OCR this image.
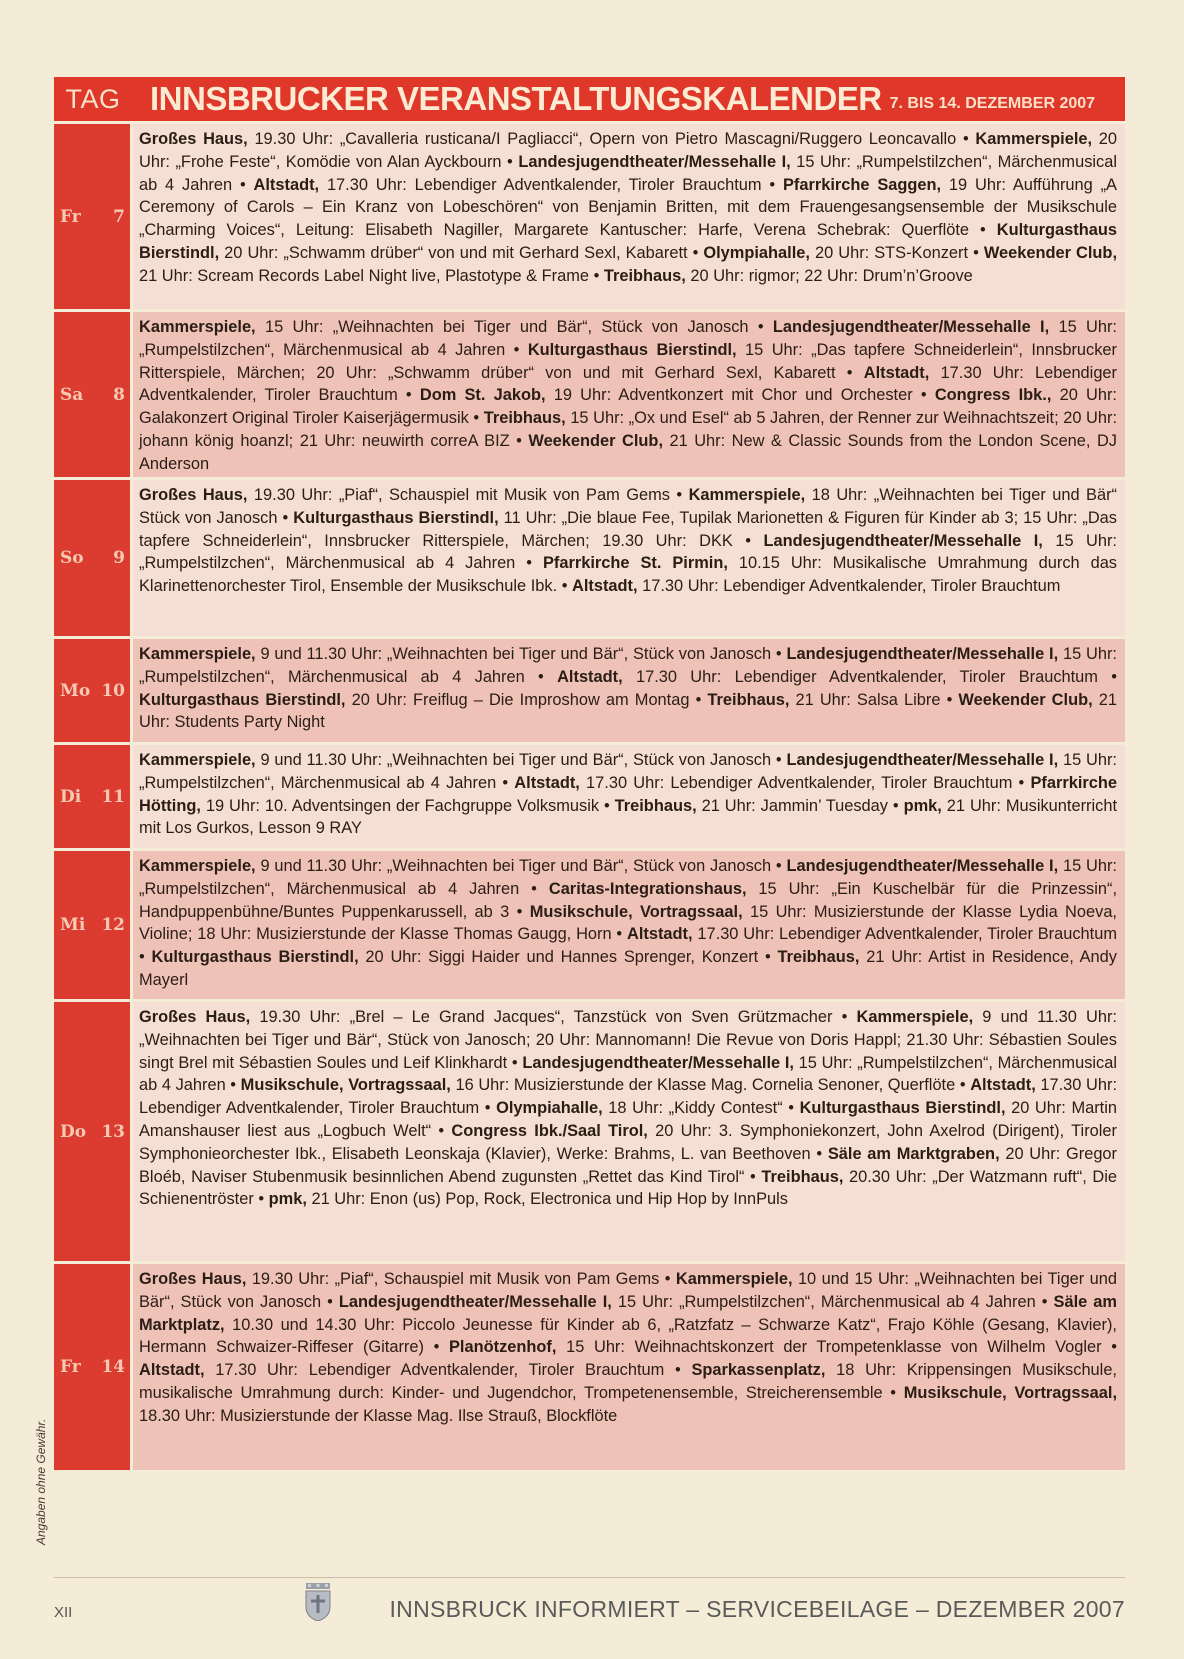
TAG INNSBRUCKER VERANSTALTUNGSKALENDER 7. BIS 14. DEZEMBER 2007
Fr 7
Großes Haus, 19.30 Uhr: „Cavalleria rusticana/I Pagliacci“, Opern von Pietro Mascagni/Ruggero Leoncavallo • Kammerspiele, 20 Uhr: „Frohe Feste“, Komödie von Alan Ayckbourn • Landesjugendtheater/Messehalle I, 15 Uhr: „Rumpelstilzchen“, Märchenmusical ab 4 Jahren • Altstadt, 17.30 Uhr: Lebendiger Adventkalender, Tiroler Brauchtum • Pfarrkirche Saggen, 19 Uhr: Aufführung „A Ceremony of Carols – Ein Kranz von Lobeschören“ von Benjamin Britten, mit dem Frauengesangsensemble der Musikschule „Charming Voices“, Leitung: Elisabeth Nagiller, Margarete Kantuscher: Harfe, Verena Schebrak: Querflöte • Kulturgasthaus Bierstindl, 20 Uhr: „Schwamm drüber“ von und mit Gerhard Sexl, Kabarett • Olympiahalle, 20 Uhr: STS-Konzert • Weekender Club, 21 Uhr: Scream Records Label Night live, Plastotype & Frame • Treibhaus, 20 Uhr: rigmor; 22 Uhr: Drum’n’Groove
Sa 8
Kammerspiele, 15 Uhr: „Weihnachten bei Tiger und Bär“, Stück von Janosch • Landesjugendtheater/Messehalle I, 15 Uhr: „Rumpelstilzchen“, Märchenmusical ab 4 Jahren • Kulturgasthaus Bierstindl, 15 Uhr: „Das tapfere Schneiderlein“, Innsbrucker Ritterspiele, Märchen; 20 Uhr: „Schwamm drüber“ von und mit Gerhard Sexl, Kabarett • Altstadt, 17.30 Uhr: Lebendiger Adventkalender, Tiroler Brauchtum • Dom St. Jakob, 19 Uhr: Adventkonzert mit Chor und Orchester • Congress Ibk., 20 Uhr: Galakonzert Original Tiroler Kaiserjägermusik • Treibhaus, 15 Uhr: „Ox und Esel“ ab 5 Jahren, der Renner zur Weihnachtszeit; 20 Uhr: johann könig hoanzl; 21 Uhr: neuwirth correA BIZ • Weekender Club, 21 Uhr: New & Classic Sounds from the London Scene, DJ Anderson
So 9
Großes Haus, 19.30 Uhr: „Piaf“, Schauspiel mit Musik von Pam Gems • Kammerspiele, 18 Uhr: „Weihnachten bei Tiger und Bär“ Stück von Janosch • Kulturgasthaus Bierstindl, 11 Uhr: „Die blaue Fee, Tupilak Marionetten & Figuren für Kinder ab 3; 15 Uhr: „Das tapfere Schneiderlein“, Innsbrucker Ritterspiele, Märchen; 19.30 Uhr: DKK • Landesjugendtheater/Messehalle I, 15 Uhr: „Rumpelstilzchen“, Märchenmusical ab 4 Jahren • Pfarrkirche St. Pirmin, 10.15 Uhr: Musikalische Umrahmung durch das Klarinettenorchester Tirol, Ensemble der Musikschule Ibk. • Altstadt, 17.30 Uhr: Lebendiger Adventkalender, Tiroler Brauchtum
Mo 10
Kammerspiele, 9 und 11.30 Uhr: „Weihnachten bei Tiger und Bär“, Stück von Janosch • Landesjugendtheater/Messehalle I, 15 Uhr: „Rumpelstilzchen“, Märchenmusical ab 4 Jahren • Altstadt, 17.30 Uhr: Lebendiger Adventkalender, Tiroler Brauchtum • Kulturgasthaus Bierstindl, 20 Uhr: Freiflug – Die Improshow am Montag • Treibhaus, 21 Uhr: Salsa Libre • Weekender Club, 21 Uhr: Students Party Night
Di 11
Kammerspiele, 9 und 11.30 Uhr: „Weihnachten bei Tiger und Bär“, Stück von Janosch • Landesjugendtheater/Messehalle I, 15 Uhr: „Rumpelstilzchen“, Märchenmusical ab 4 Jahren • Altstadt, 17.30 Uhr: Lebendiger Adventkalender, Tiroler Brauchtum • Pfarrkirche Hötting, 19 Uhr: 10. Adventsingen der Fachgruppe Volksmusik • Treibhaus, 21 Uhr: Jammin’ Tuesday • pmk, 21 Uhr: Musikunterricht mit Los Gurkos, Lesson 9 RAY
Mi 12
Kammerspiele, 9 und 11.30 Uhr: „Weihnachten bei Tiger und Bär“, Stück von Janosch • Landesjugendtheater/Messehalle I, 15 Uhr: „Rumpelstilzchen“, Märchenmusical ab 4 Jahren • Caritas-Integrationshaus, 15 Uhr: „Ein Kuschelbär für die Prinzessin“, Handpuppenbühne/Buntes Puppenkarussell, ab 3 • Musikschule, Vortragssaal, 15 Uhr: Musizierstunde der Klasse Lydia Noeva, Violine; 18 Uhr: Musizierstunde der Klasse Thomas Gaugg, Horn • Altstadt, 17.30 Uhr: Lebendiger Adventkalender, Tiroler Brauchtum • Kulturgasthaus Bierstindl, 20 Uhr: Siggi Haider und Hannes Sprenger, Konzert • Treibhaus, 21 Uhr: Artist in Residence, Andy Mayerl
Do 13
Großes Haus, 19.30 Uhr: „Brel – Le Grand Jacques“, Tanzstück von Sven Grützmacher • Kammerspiele, 9 und 11.30 Uhr: „Weihnachten bei Tiger und Bär“, Stück von Janosch; 20 Uhr: Mannomann! Die Revue von Doris Happl; 21.30 Uhr: Sébastien Soules singt Brel mit Sébastien Soules und Leif Klinkhardt • Landesjugendtheater/Messehalle I, 15 Uhr: „Rumpelstilzchen“, Märchenmusical ab 4 Jahren • Musikschule, Vortragssaal, 16 Uhr: Musizierstunde der Klasse Mag. Cornelia Senoner, Querflöte • Altstadt, 17.30 Uhr: Lebendiger Adventkalender, Tiroler Brauchtum • Olympiahalle, 18 Uhr: „Kiddy Contest“ • Kulturgasthaus Bierstindl, 20 Uhr: Martin Amanshauser liest aus „Logbuch Welt“ • Congress Ibk./Saal Tirol, 20 Uhr: 3. Symphoniekonzert, John Axelrod (Dirigent), Tiroler Symphonieorchester Ibk., Elisabeth Leonskaja (Klavier), Werke: Brahms, L. van Beethoven • Säle am Marktgraben, 20 Uhr: Gregor Bloéb, Naviser Stubenmusik besinnlichen Abend zugunsten „Rettet das Kind Tirol“ • Treibhaus, 20.30 Uhr: „Der Watzmann ruft“, Die Schienentröster • pmk, 21 Uhr: Enon (us) Pop, Rock, Electronica und Hip Hop by InnPuls
Fr 14
Großes Haus, 19.30 Uhr: „Piaf“, Schauspiel mit Musik von Pam Gems • Kammerspiele, 10 und 15 Uhr: „Weihnachten bei Tiger und Bär“, Stück von Janosch • Landesjugendtheater/Messehalle I, 15 Uhr: „Rumpelstilzchen“, Märchenmusical ab 4 Jahren • Säle am Marktplatz, 10.30 und 14.30 Uhr: Piccolo Jeunesse für Kinder ab 6, „Ratzfatz – Schwarze Katz“, Frajo Köhle (Gesang, Klavier), Hermann Schwaizer-Riffeser (Gitarre) • Planötzenhof, 15 Uhr: Weihnachtskonzert der Trompetenklasse von Wilhelm Vogler • Altstadt, 17.30 Uhr: Lebendiger Adventkalender, Tiroler Brauchtum • Sparkassenplatz, 18 Uhr: Krippensingen Musikschule, musikalische Umrahmung durch: Kinder- und Jugendchor, Trompetenensemble, Streicherensemble • Musikschule, Vortragssaal, 18.30 Uhr: Musizierstunde der Klasse Mag. Ilse Strauß, Blockflöte
Angaben ohne Gewähr.
XII	INNSBRUCK INFORMIERT – SERVICEBEILAGE – DEZEMBER 2007
